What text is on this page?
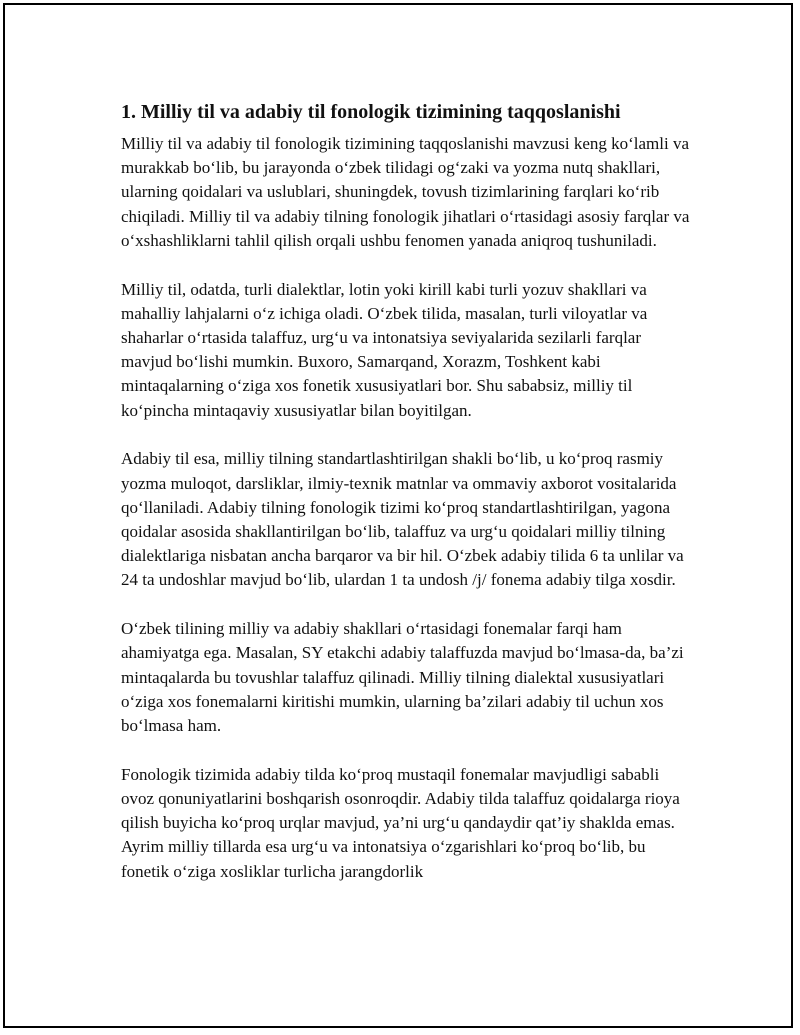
1. Milliy til va adabiy til fonologik tizimining taqqoslanishi

Milliy til va adabiy til fonologik tizimining taqqoslanishi mavzusi keng ko‘lamli va murakkab bo‘lib, bu jarayonda o‘zbek tilidagi og‘zaki va yozma nutq shakllari, ularning qoidalari va uslublari, shuningdek, tovush tizimlarining farqlari ko‘rib chiqiladi. Milliy til va adabiy tilning fonologik jihatlari o‘rtasidagi asosiy farqlar va o‘xshashliklarni tahlil qilish orqali ushbu fenomen yanada aniqroq tushuniladi.

Milliy til, odatda, turli dialektlar, lotin yoki kirill kabi turli yozuv shakllari va mahalliy lahjalarni o‘z ichiga oladi. O‘zbek tilida, masalan, turli viloyatlar va shaharlar o‘rtasida talaffuz, urg‘u va intonatsiya seviyalarida sezilarli farqlar mavjud bo‘lishi mumkin. Buxoro, Samarqand, Xorazm, Toshkent kabi mintaqalarning o‘ziga xos fonetik xususiyatlari bor. Shu sababsiz, milliy til ko‘pincha mintaqaviy xususiyatlar bilan boyitilgan.

Adabiy til esa, milliy tilning standartlashtirilgan shakli bo‘lib, u ko‘proq rasmiy yozma muloqot, darsliklar, ilmiy-texnik matnlar va ommaviy axborot vositalarida qo‘llaniladi. Adabiy tilning fonologik tizimi ko‘proq standartlashtirilgan, yagona qoidalar asosida shakllantirilgan bo‘lib, talaffuz va urg‘u qoidalari milliy tilning dialektlariga nisbatan ancha barqaror va bir hil. O‘zbek adabiy tilida 6 ta unlilar va 24 ta undoshlar mavjud bo‘lib, ulardan 1 ta undosh /j/ fonema adabiy tilga xosdir.

O‘zbek tilining milliy va adabiy shakllari o‘rtasidagi fonemalar farqi ham ahamiyatga ega. Masalan, SY etakchi adabiy talaffuzda mavjud bo‘lmasa-da, ba’zi mintaqalarda bu tovushlar talaffuz qilinadi. Milliy tilning dialektal xususiyatlari o‘ziga xos fonemalarni kiritishi mumkin, ularning ba’zilari adabiy til uchun xos bo‘lmasa ham.

Fonologik tizimida adabiy tilda ko‘proq mustaqil fonemalar mavjudligi sababli ovoz qonuniyatlarini boshqarish osonroqdir. Adabiy tilda talaffuz qoidalarga rioya qilish buyicha ko‘proq urqlar mavjud, ya’ni urg‘u qandaydir qat’iy shaklda emas. Ayrim milliy tillarda esa urg‘u va intonatsiya o‘zgarishlari ko‘proq bo‘lib, bu fonetik o‘ziga xosliklar turlicha jarangdorlik
